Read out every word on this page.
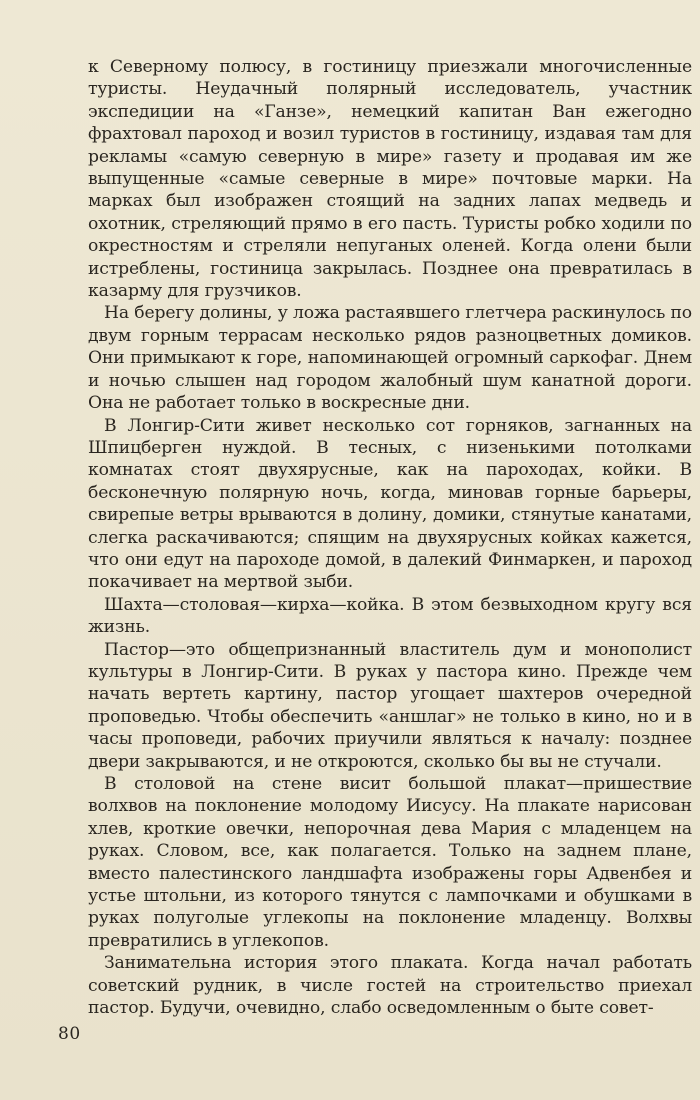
к Северному полюсу, в гостиницу приезжали многочисленные туристы. Неудачный полярный исследователь, участник экспедиции на «Ганзе», немецкий капитан Ван ежегодно фрахтовал пароход и возил туристов в гостиницу, издавая там для рекламы «самую северную в мире» газету и продавая им же выпущенные «самые северные в мире» почтовые марки. На марках был изображен стоящий на задних лапах медведь и охотник, стреляющий прямо в его пасть. Туристы робко ходили по окрестностям и стреляли непуганых оленей. Когда олени были истреблены, гостиница закрылась. Позднее она превратилась в казарму для грузчиков.

На берегу долины, у ложа растаявшего глетчера раскинулось по двум горным террасам несколько рядов разноцветных домиков. Они примыкают к горе, напоминающей огромный саркофаг. Днем и ночью слышен над городом жалобный шум канатной дороги. Она не работает только в воскресные дни.

В Лонгир-Сити живет несколько сот горняков, загнанных на Шпицберген нуждой. В тесных, с низенькими потолками комнатах стоят двухярусные, как на пароходах, койки. В бесконечную полярную ночь, когда, миновав горные барьеры, свирепые ветры врываются в долину, домики, стянутые канатами, слегка раскачиваются; спящим на двухярусных койках кажется, что они едут на пароходе домой, в далекий Финмаркен, и пароход покачивает на мертвой зыби.

Шахта—столовая—кирха—койка. В этом безвыходном кругу вся жизнь.

Пастор—это общепризнанный властитель дум и монополист культуры в Лонгир-Сити. В руках у пастора кино. Прежде чем начать вертеть картину, пастор угощает шахтеров очередной проповедью. Чтобы обеспечить «аншлаг» не только в кино, но и в часы проповеди, рабочих приучили являться к началу: позднее двери закрываются, и не откроются, сколько бы вы не стучали.

В столовой на стене висит большой плакат—пришествие волхвов на поклонение молодому Иисусу. На плакате нарисован хлев, кроткие овечки, непорочная дева Мария с младенцем на руках. Словом, все, как полагается. Только на заднем плане, вместо палестинского ландшафта изображены горы Адвенбея и устье штольни, из которого тянутся с лампочками и обушками в руках полуголые углекопы на поклонение младенцу. Волхвы превратились в углекопов.

Занимательна история этого плаката. Когда начал работать советский рудник, в числе гостей на строительство приехал пастор. Будучи, очевидно, слабо осведомленным о быте совет-

80
